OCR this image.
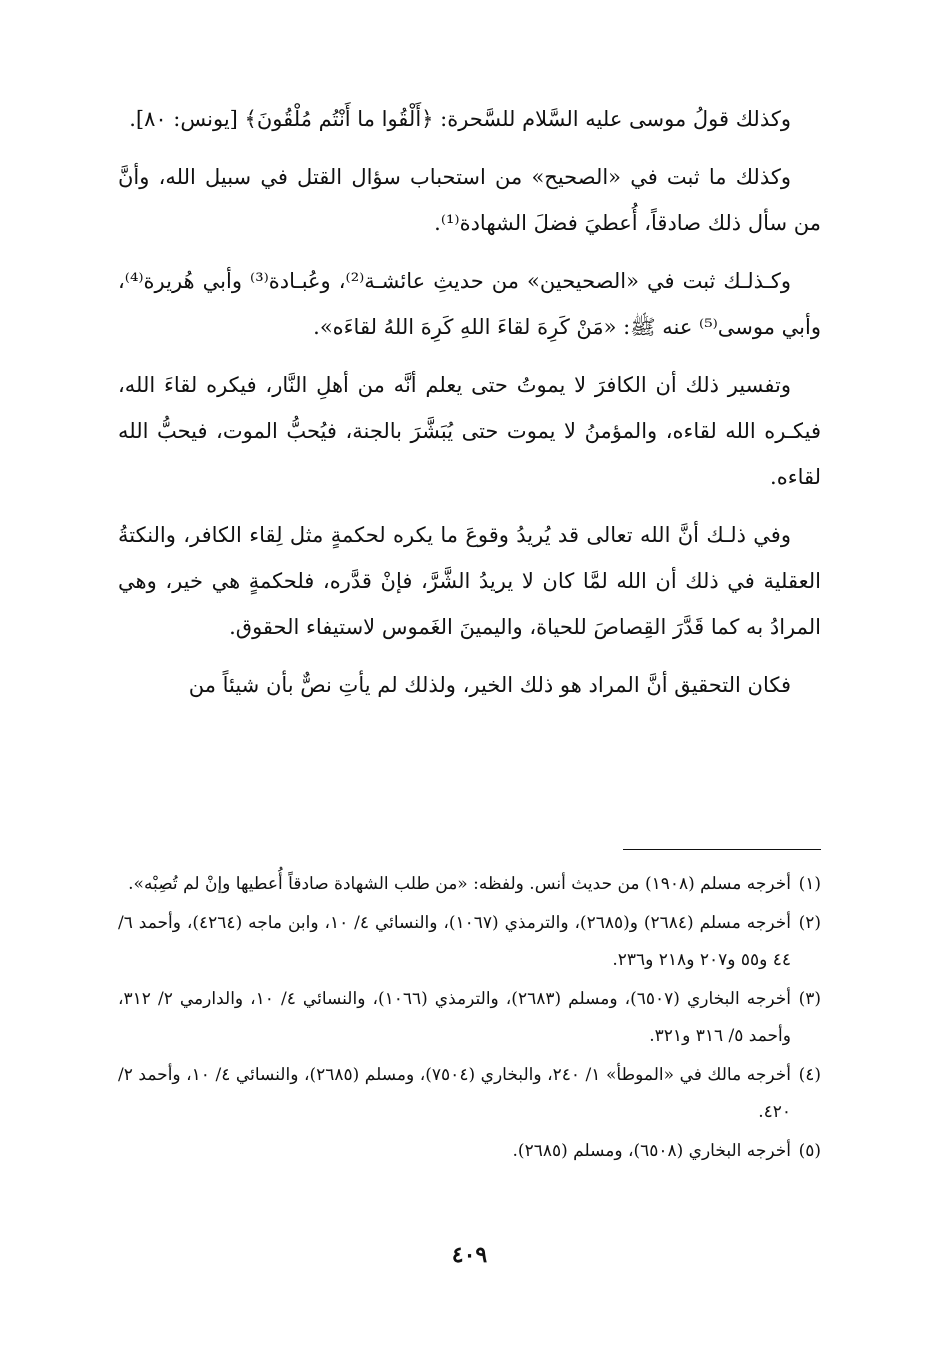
وكذلك قولُ موسى عليه السَّلام للسَّحرة: ﴿أَلْقُوا ما أَنْتُم مُلْقُونَ﴾ [يونس: ٨٠].

وكذلك ما ثبت في «الصحيح» من استحباب سؤال القتل في سبيل الله، وأنَّ من سأل ذلك صادقاً، أُعطيَ فضلَ الشهادة⁽¹⁾.

وكـذلـك ثبت في «الصحيحين» من حديثِ عائشـة⁽²⁾، وعُبـادة⁽³⁾ وأبي هُريرة⁽⁴⁾، وأبي موسى⁽⁵⁾ عنه ﷺ: «مَنْ كَرِهَ لقاءَ اللهِ كَرِهَ اللهُ لقاءَه».

وتفسير ذلك أن الكافرَ لا يموتُ حتى يعلم أنَّه من أهلِ النَّار، فيكره لقاءَ الله، فيكـره الله لقاءه، والمؤمنُ لا يموت حتى يُبَشَّرَ بالجنة، فيُحبُّ الموت، فيحبُّ الله لقاءه.

وفي ذلـك أنَّ الله تعالى قد يُريدُ وقوعَ ما يكره لحكمةٍ مثل لِقاء الكافر، والنكتةُ العقلية في ذلك أن الله لمَّا كان لا يريدُ الشَّرَّ، فإنْ قدَّره، فلحكمةٍ هي خير، وهي المرادُ به كما قَدَّرَ القِصاصَ للحياة، واليمينَ الغَموس لاستيفاء الحقوق.

فكان التحقيق أنَّ المراد هو ذلك الخير، ولذلك لم يأتِ نصٌّ بأن شيئاً من

(١)
أخرجه مسلم (١٩٠٨) من حديث أنس. ولفظه: «من طلب الشهادة صادقاً أُعطيها وإنْ لم تُصِبْه».
(٢)
أخرجه مسلم (٢٦٨٤) و(٢٦٨٥)، والترمذي (١٠٦٧)، والنسائي ٤/ ١٠، وابن ماجه (٤٢٦٤)، وأحمد ٦/ ٤٤ و٥٥ و٢٠٧ و٢١٨ و٢٣٦.
(٣)
أخرجه البخاري (٦٥٠٧)، ومسلم (٢٦٨٣)، والترمذي (١٠٦٦)، والنسائي ٤/ ١٠، والدارمي ٢/ ٣١٢، وأحمد ٥/ ٣١٦ و٣٢١.
(٤)
أخرجه مالك في «الموطأ» ١/ ٢٤٠، والبخاري (٧٥٠٤)، ومسلم (٢٦٨٥)، والنسائي ٤/ ١٠، وأحمد ٢/ ٤٢٠.
(٥)
أخرجه البخاري (٦٥٠٨)، ومسلم (٢٦٨٥).
٤٠٩
